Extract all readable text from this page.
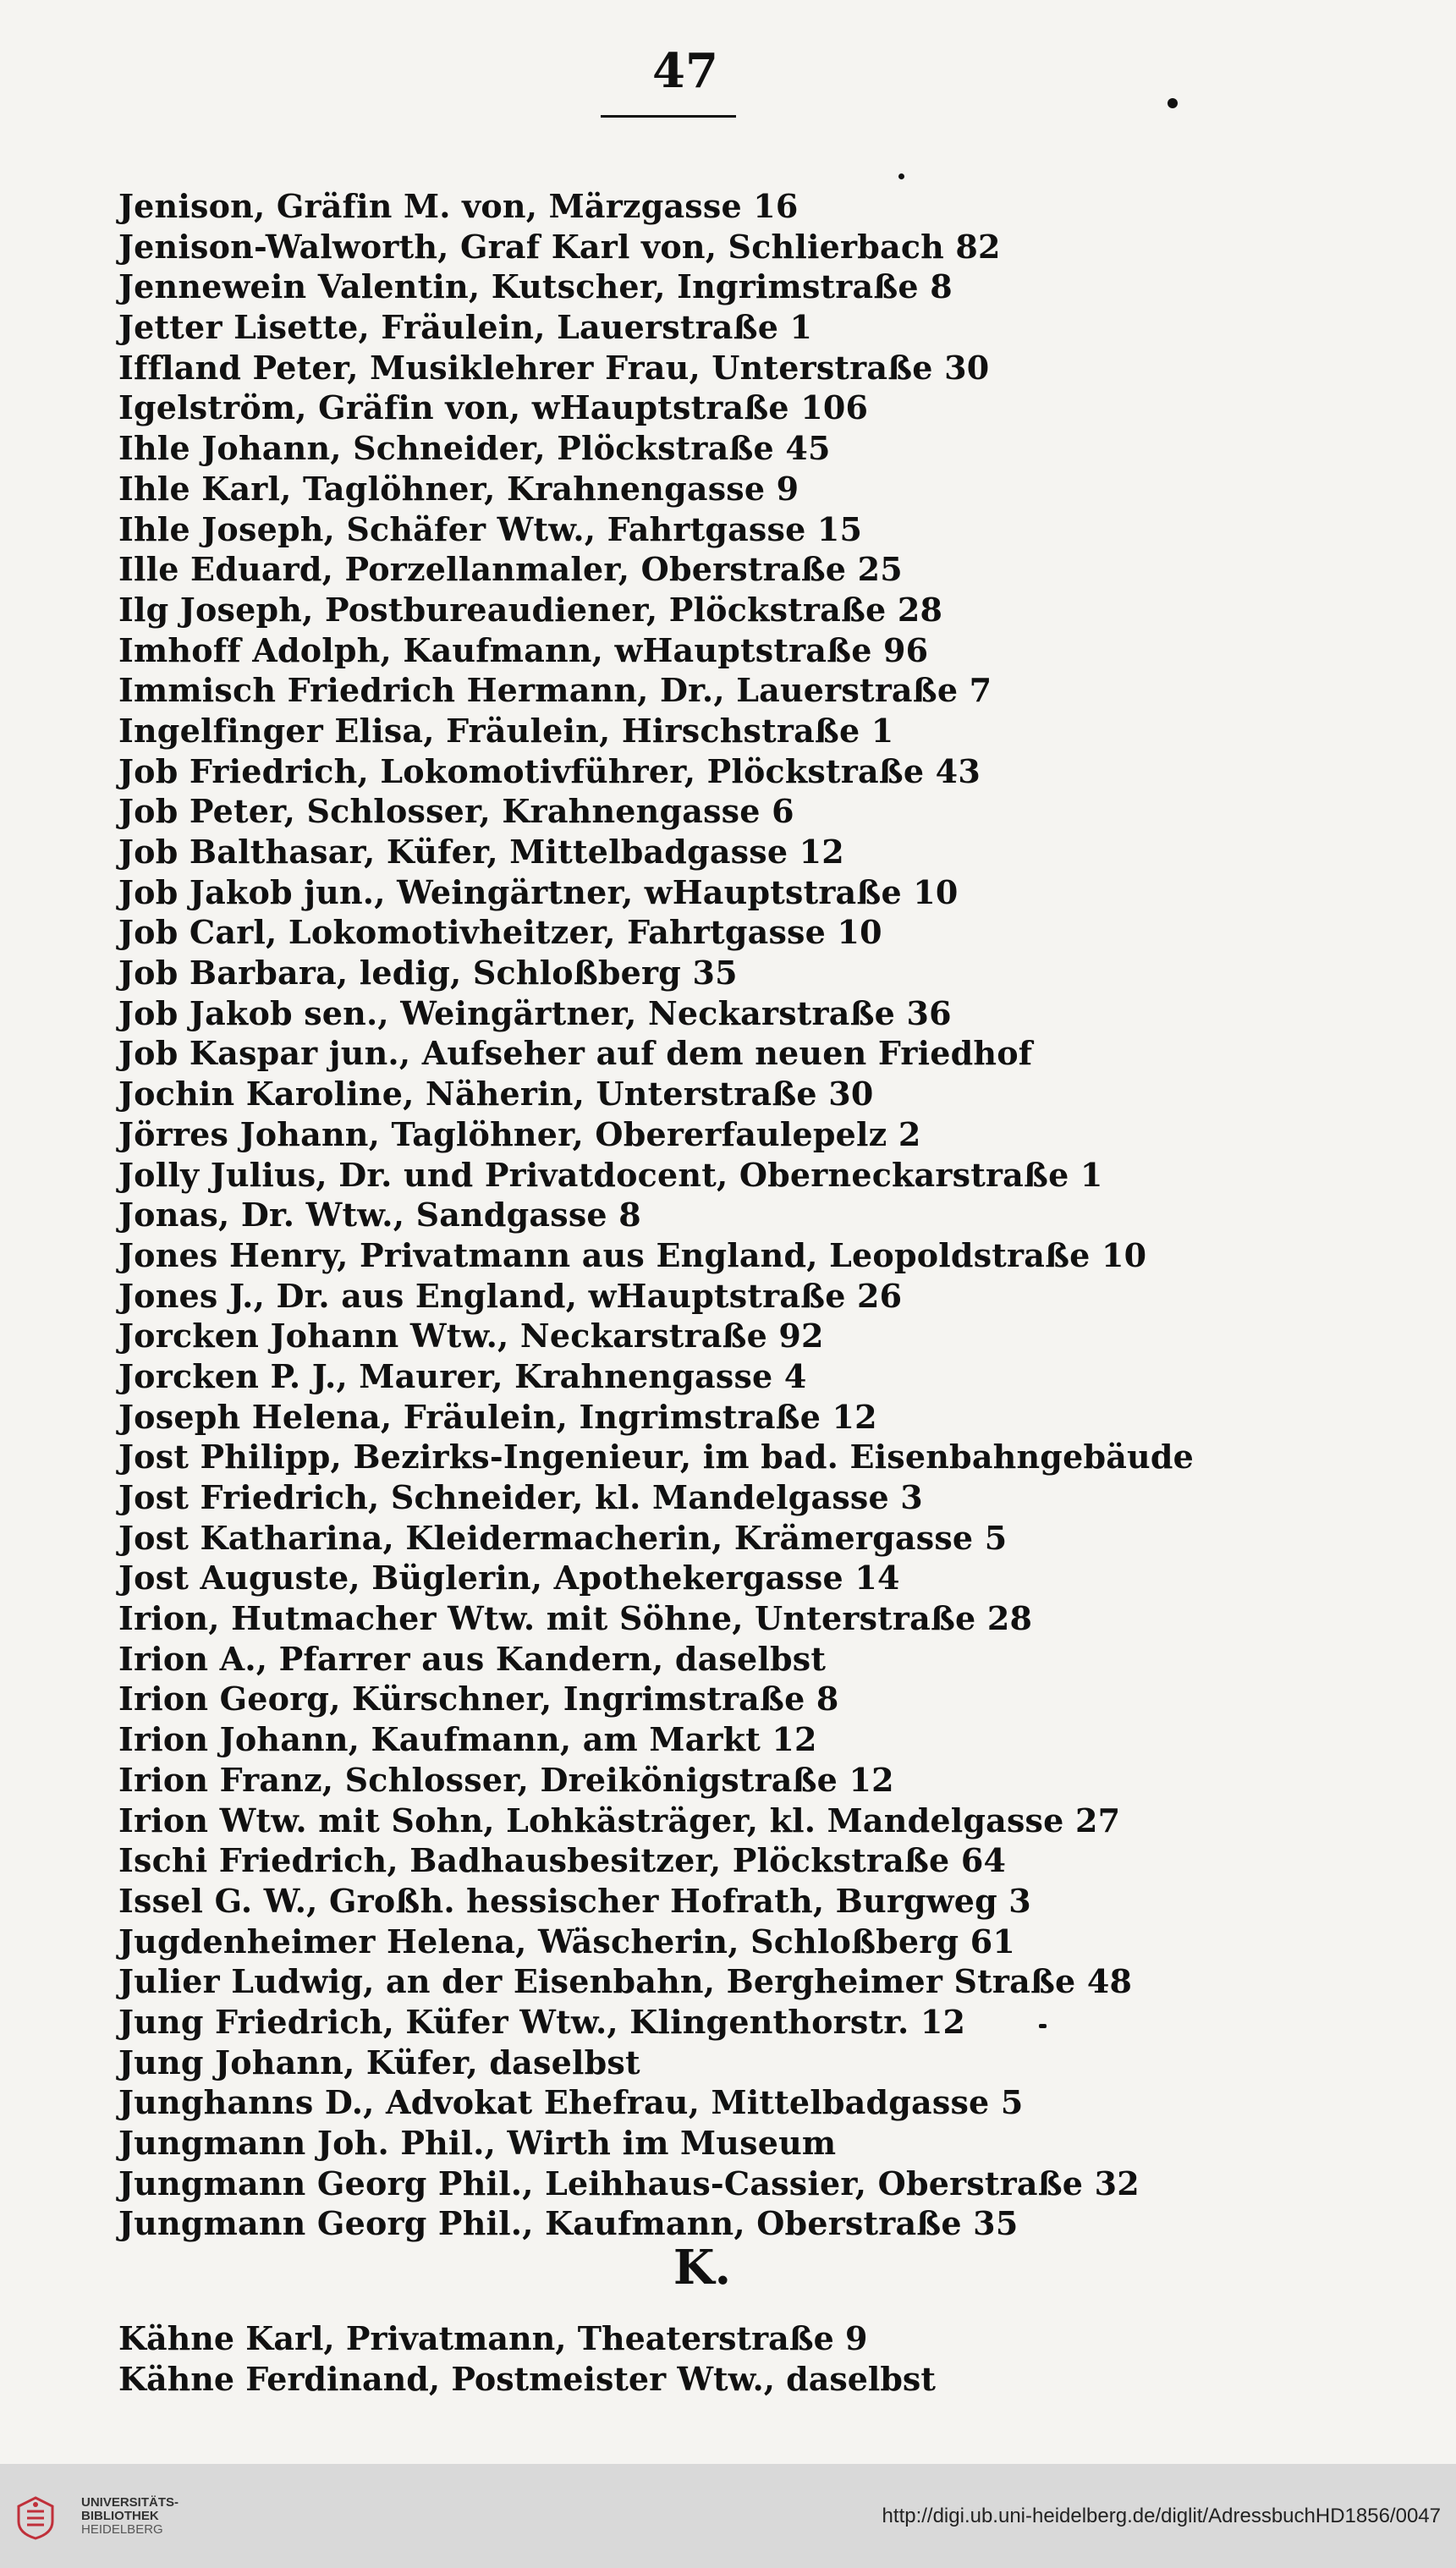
47
Jenison, Gräfin M. von, Märzgasse 16
Jenison-Walworth, Graf Karl von, Schlierbach 82
Jennewein Valentin, Kutscher, Ingrimstraße 8
Jetter Lisette, Fräulein, Lauerstraße 1
Iffland Peter, Musiklehrer Frau, Unterstraße 30
Igelström, Gräfin von, wHauptstraße 106
Ihle Johann, Schneider, Plöckstraße 45
Ihle Karl, Taglöhner, Krahnengasse 9
Ihle Joseph, Schäfer Wtw., Fahrtgasse 15
Ille Eduard, Porzellanmaler, Oberstraße 25
Ilg Joseph, Postbureaudiener, Plöckstraße 28
Imhoff Adolph, Kaufmann, wHauptstraße 96
Immisch Friedrich Hermann, Dr., Lauerstraße 7
Ingelfinger Elisa, Fräulein, Hirschstraße 1
Job Friedrich, Lokomotivführer, Plöckstraße 43
Job Peter, Schlosser, Krahnengasse 6
Job Balthasar, Küfer, Mittelbadgasse 12
Job Jakob jun., Weingärtner, wHauptstraße 10
Job Carl, Lokomotivheitzer, Fahrtgasse 10
Job Barbara, ledig, Schloßberg 35
Job Jakob sen., Weingärtner, Neckarstraße 36
Job Kaspar jun., Aufseher auf dem neuen Friedhof
Jochin Karoline, Näherin, Unterstraße 30
Jörres Johann, Taglöhner, Obererfaulepelz 2
Jolly Julius, Dr. und Privatdocent, Oberneckarstraße 1
Jonas, Dr. Wtw., Sandgasse 8
Jones Henry, Privatmann aus England, Leopoldstraße 10
Jones J., Dr. aus England, wHauptstraße 26
Jorcken Johann Wtw., Neckarstraße 92
Jorcken P. J., Maurer, Krahnengasse 4
Joseph Helena, Fräulein, Ingrimstraße 12
Jost Philipp, Bezirks-Ingenieur, im bad. Eisenbahngebäude
Jost Friedrich, Schneider, kl. Mandelgasse 3
Jost Katharina, Kleidermacherin, Krämergasse 5
Jost Auguste, Büglerin, Apothekergasse 14
Irion, Hutmacher Wtw. mit Söhne, Unterstraße 28
Irion A., Pfarrer aus Kandern, daselbst
Irion Georg, Kürschner, Ingrimstraße 8
Irion Johann, Kaufmann, am Markt 12
Irion Franz, Schlosser, Dreikönigstraße 12
Irion Wtw. mit Sohn, Lohkästräger, kl. Mandelgasse 27
Ischi Friedrich, Badhausbesitzer, Plöckstraße 64
Issel G. W., Großh. hessischer Hofrath, Burgweg 3
Jugdenheimer Helena, Wäscherin, Schloßberg 61
Julier Ludwig, an der Eisenbahn, Bergheimer Straße 48
Jung Friedrich, Küfer Wtw., Klingenthorstr. 12
Jung Johann, Küfer, daselbst
Junghanns D., Advokat Ehefrau, Mittelbadgasse 5
Jungmann Joh. Phil., Wirth im Museum
Jungmann Georg Phil., Leihhaus-Cassier, Oberstraße 32
Jungmann Georg Phil., Kaufmann, Oberstraße 35
K.
Kähne Karl, Privatmann, Theaterstraße 9
Kähne Ferdinand, Postmeister Wtw., daselbst
UNIVERSITÄTS-
BIBLIOTHEK
HEIDELBERG
http://digi.ub.uni-heidelberg.de/diglit/AdressbuchHD1856/0047
